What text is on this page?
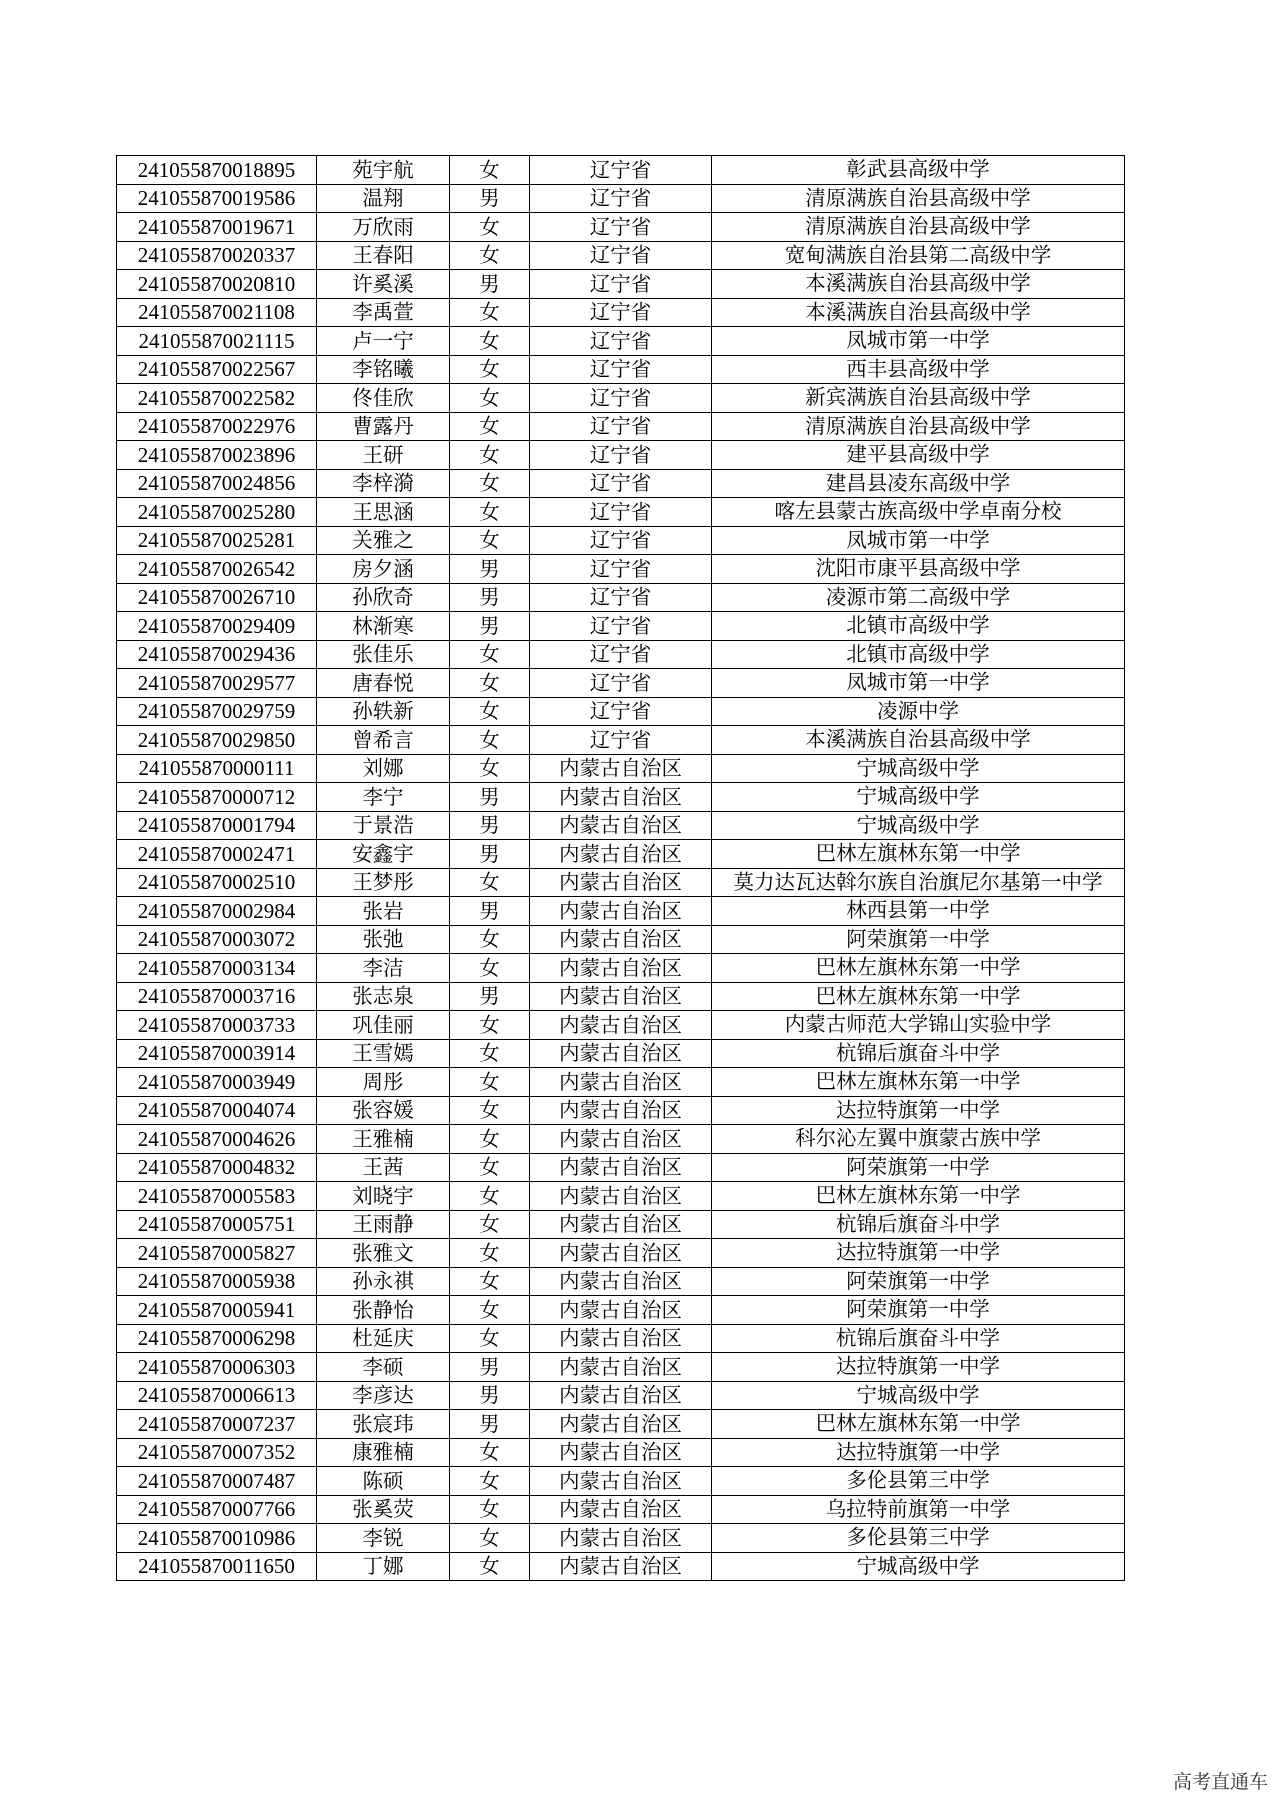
241055870018895	苑宇航	女	辽宁省	彰武县高级中学
241055870019586	温翔	男	辽宁省	清原满族自治县高级中学
241055870019671	万欣雨	女	辽宁省	清原满族自治县高级中学
241055870020337	王春阳	女	辽宁省	宽甸满族自治县第二高级中学
241055870020810	许奚溪	男	辽宁省	本溪满族自治县高级中学
241055870021108	李禹萱	女	辽宁省	本溪满族自治县高级中学
241055870021115	卢一宁	女	辽宁省	凤城市第一中学
241055870022567	李铭曦	女	辽宁省	西丰县高级中学
241055870022582	佟佳欣	女	辽宁省	新宾满族自治县高级中学
241055870022976	曹露丹	女	辽宁省	清原满族自治县高级中学
241055870023896	王研	女	辽宁省	建平县高级中学
241055870024856	李梓漪	女	辽宁省	建昌县凌东高级中学
241055870025280	王思涵	女	辽宁省	喀左县蒙古族高级中学卓南分校
241055870025281	关雅之	女	辽宁省	凤城市第一中学
241055870026542	房夕涵	男	辽宁省	沈阳市康平县高级中学
241055870026710	孙欣奇	男	辽宁省	凌源市第二高级中学
241055870029409	林渐寒	男	辽宁省	北镇市高级中学
241055870029436	张佳乐	女	辽宁省	北镇市高级中学
241055870029577	唐春悦	女	辽宁省	凤城市第一中学
241055870029759	孙轶新	女	辽宁省	凌源中学
241055870029850	曾希言	女	辽宁省	本溪满族自治县高级中学
241055870000111	刘娜	女	内蒙古自治区	宁城高级中学
241055870000712	李宁	男	内蒙古自治区	宁城高级中学
241055870001794	于景浩	男	内蒙古自治区	宁城高级中学
241055870002471	安鑫宇	男	内蒙古自治区	巴林左旗林东第一中学
241055870002510	王梦彤	女	内蒙古自治区	莫力达瓦达斡尔族自治旗尼尔基第一中学
241055870002984	张岩	男	内蒙古自治区	林西县第一中学
241055870003072	张弛	女	内蒙古自治区	阿荣旗第一中学
241055870003134	李洁	女	内蒙古自治区	巴林左旗林东第一中学
241055870003716	张志泉	男	内蒙古自治区	巴林左旗林东第一中学
241055870003733	巩佳丽	女	内蒙古自治区	内蒙古师范大学锦山实验中学
241055870003914	王雪嫣	女	内蒙古自治区	杭锦后旗奋斗中学
241055870003949	周彤	女	内蒙古自治区	巴林左旗林东第一中学
241055870004074	张容媛	女	内蒙古自治区	达拉特旗第一中学
241055870004626	王雅楠	女	内蒙古自治区	科尔沁左翼中旗蒙古族中学
241055870004832	王茜	女	内蒙古自治区	阿荣旗第一中学
241055870005583	刘晓宇	女	内蒙古自治区	巴林左旗林东第一中学
241055870005751	王雨静	女	内蒙古自治区	杭锦后旗奋斗中学
241055870005827	张雅文	女	内蒙古自治区	达拉特旗第一中学
241055870005938	孙永祺	女	内蒙古自治区	阿荣旗第一中学
241055870005941	张静怡	女	内蒙古自治区	阿荣旗第一中学
241055870006298	杜延庆	女	内蒙古自治区	杭锦后旗奋斗中学
241055870006303	李硕	男	内蒙古自治区	达拉特旗第一中学
241055870006613	李彦达	男	内蒙古自治区	宁城高级中学
241055870007237	张宸玮	男	内蒙古自治区	巴林左旗林东第一中学
241055870007352	康雅楠	女	内蒙古自治区	达拉特旗第一中学
241055870007487	陈硕	女	内蒙古自治区	多伦县第三中学
241055870007766	张奚荧	女	内蒙古自治区	乌拉特前旗第一中学
241055870010986	李锐	女	内蒙古自治区	多伦县第三中学
241055870011650	丁娜	女	内蒙古自治区	宁城高级中学
高考直通车
